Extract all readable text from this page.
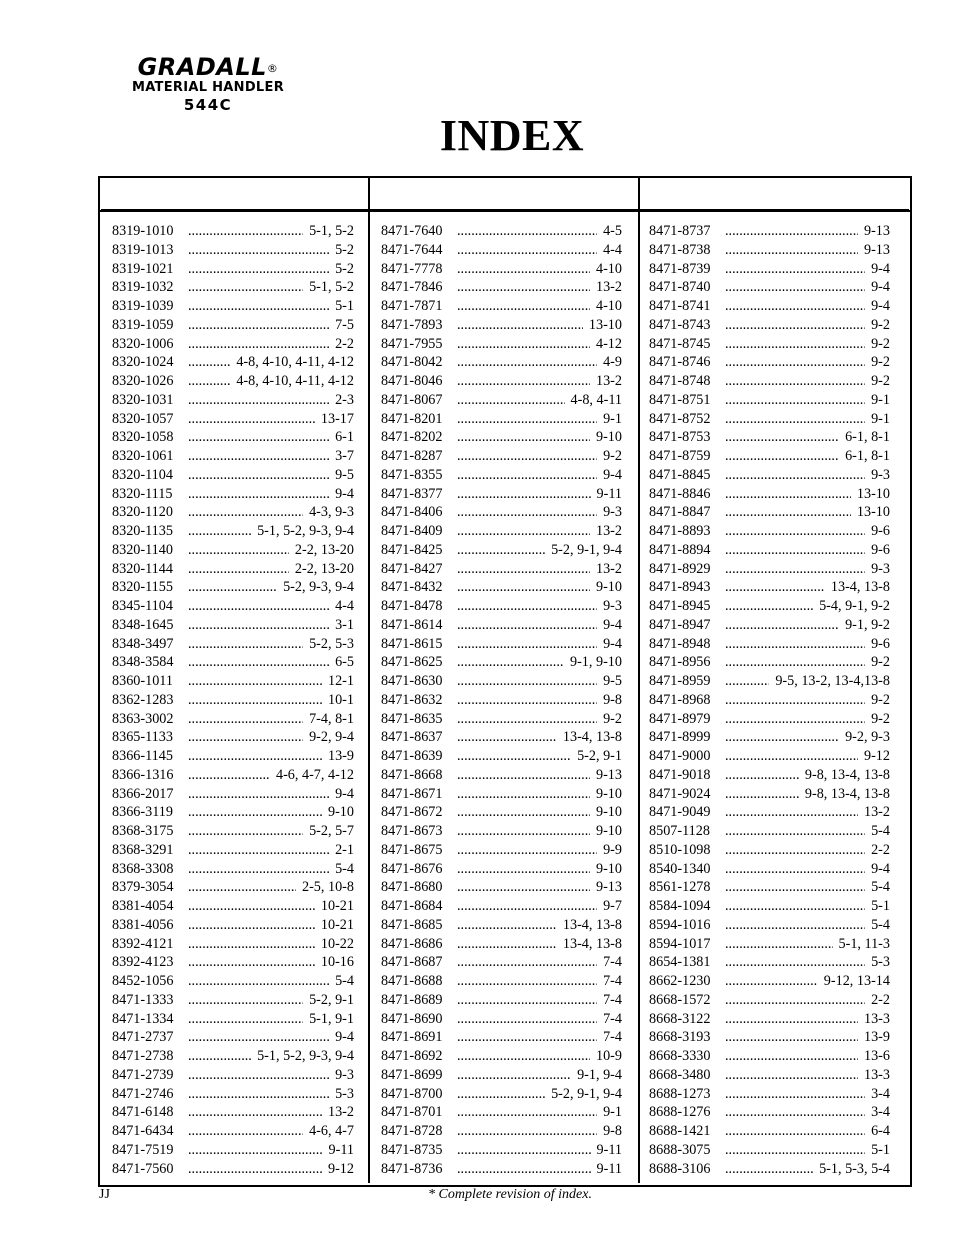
GRADALL®
MATERIAL HANDLER
544C
INDEX
8319-1010 .....	5-1, 5-2
8319-1013 .....	5-2
8319-1021 .....	5-2
8319-1032 .....	5-1, 5-2
8319-1039 .....	5-1
8319-1059 .....	7-5
8320-1006 .....	2-2
8320-1024 .....	4-8, 4-10, 4-11, 4-12
8320-1026 .....	4-8, 4-10, 4-11, 4-12
8320-1031 .....	2-3
8320-1057 .....	13-17
8320-1058 .....	6-1
8320-1061 .....	3-7
8320-1104 .....	9-5
8320-1115 .....	9-4
8320-1120 .....	4-3, 9-3
8320-1135 .....	5-1, 5-2, 9-3, 9-4
8320-1140 .....	2-2, 13-20
8320-1144 .....	2-2, 13-20
8320-1155 .....	5-2, 9-3, 9-4
8345-1104 .....	4-4
8348-1645 .....	3-1
8348-3497 .....	5-2, 5-3
8348-3584 .....	6-5
8360-1011 .....	12-1
8362-1283 .....	10-1
8363-3002 .....	7-4, 8-1
8365-1133 .....	9-2, 9-4
8366-1145 .....	13-9
8366-1316 .....	4-6, 4-7, 4-12
8366-2017 .....	9-4
8366-3119 .....	9-10
8368-3175 .....	5-2, 5-7
8368-3291 .....	2-1
8368-3308 .....	5-4
8379-3054 .....	2-5, 10-8
8381-4054 .....	10-21
8381-4056 .....	10-21
8392-4121 .....	10-22
8392-4123 .....	10-16
8452-1056 .....	5-4
8471-1333 .....	5-2, 9-1
8471-1334 .....	5-1, 9-1
8471-2737 .....	9-4
8471-2738 .....	5-1, 5-2, 9-3, 9-4
8471-2739 .....	9-3
8471-2746 .....	5-3
8471-6148 .....	13-2
8471-6434 .....	4-6, 4-7
8471-7519 .....	9-11
8471-7560 .....	9-12
8471-7640 .....	4-5
8471-7644 .....	4-4
8471-7778 .....	4-10
8471-7846 .....	13-2
8471-7871 .....	4-10
8471-7893 .....	13-10
8471-7955 .....	4-12
8471-8042 .....	4-9
8471-8046 .....	13-2
8471-8067 .....	4-8, 4-11
8471-8201 .....	9-1
8471-8202 .....	9-10
8471-8287 .....	9-2
8471-8355 .....	9-4
8471-8377 .....	9-11
8471-8406 .....	9-3
8471-8409 .....	13-2
8471-8425 .....	5-2, 9-1, 9-4
8471-8427 .....	13-2
8471-8432 .....	9-10
8471-8478 .....	9-3
8471-8614 .....	9-4
8471-8615 .....	9-4
8471-8625 .....	9-1, 9-10
8471-8630 .....	9-5
8471-8632 .....	9-8
8471-8635 .....	9-2
8471-8637 .....	13-4, 13-8
8471-8639 .....	5-2, 9-1
8471-8668 .....	9-13
8471-8671 .....	9-10
8471-8672 .....	9-10
8471-8673 .....	9-10
8471-8675 .....	9-9
8471-8676 .....	9-10
8471-8680 .....	9-13
8471-8684 .....	9-7
8471-8685 .....	13-4, 13-8
8471-8686 .....	13-4, 13-8
8471-8687 .....	7-4
8471-8688 .....	7-4
8471-8689 .....	7-4
8471-8690 .....	7-4
8471-8691 .....	7-4
8471-8692 .....	10-9
8471-8699 .....	9-1, 9-4
8471-8700 .....	5-2, 9-1, 9-4
8471-8701 .....	9-1
8471-8728 .....	9-8
8471-8735 .....	9-11
8471-8736 .....	9-11
8471-8737 .....	9-13
8471-8738 .....	9-13
8471-8739 .....	9-4
8471-8740 .....	9-4
8471-8741 .....	9-4
8471-8743 .....	9-2
8471-8745 .....	9-2
8471-8746 .....	9-2
8471-8748 .....	9-2
8471-8751 .....	9-1
8471-8752 .....	9-1
8471-8753 .....	6-1, 8-1
8471-8759 .....	6-1, 8-1
8471-8845 .....	9-3
8471-8846 .....	13-10
8471-8847 .....	13-10
8471-8893 .....	9-6
8471-8894 .....	9-6
8471-8929 .....	9-3
8471-8943 .....	13-4, 13-8
8471-8945 .....	5-4, 9-1, 9-2
8471-8947 .....	9-1, 9-2
8471-8948 .....	9-6
8471-8956 .....	9-2
8471-8959 .....	9-5, 13-2, 13-4,13-8
8471-8968 .....	9-2
8471-8979 .....	9-2
8471-8999 .....	9-2, 9-3
8471-9000 .....	9-12
8471-9018 .....	9-8, 13-4, 13-8
8471-9024 .....	9-8, 13-4, 13-8
8471-9049 .....	13-2
8507-1128 .....	5-4
8510-1098 .....	2-2
8540-1340 .....	9-4
8561-1278 .....	5-4
8584-1094 .....	5-1
8594-1016 .....	5-4
8594-1017 .....	5-1, 11-3
8654-1381 .....	5-3
8662-1230 .....	9-12, 13-14
8668-1572 .....	2-2
8668-3122 .....	13-3
8668-3193 .....	13-9
8668-3330 .....	13-6
8668-3480 .....	13-3
8688-1273 .....	3-4
8688-1276 .....	3-4
8688-1421 .....	6-4
8688-3075 .....	5-1
8688-3106 .....	5-1, 5-3, 5-4
JJ	* Complete revision of index.
